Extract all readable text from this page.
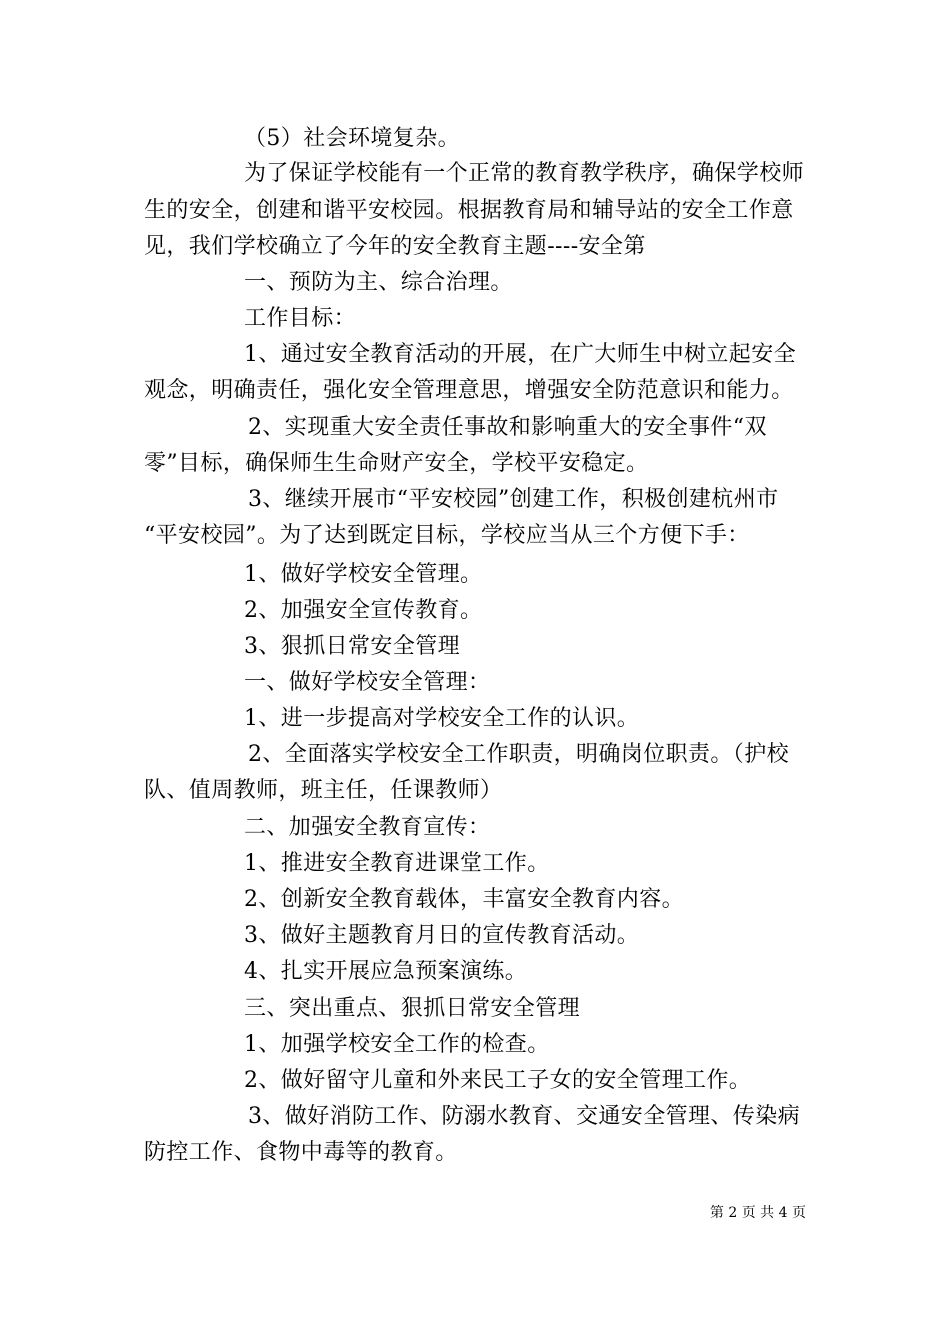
（5）社会环境复杂。
为了保证学校能有一个正常的教育教学秩序，确保学校师
生的安全，创建和谐平安校园。根据教育局和辅导站的安全工作意
见，我们学校确立了今年的安全教育主题----安全第
一、预防为主、综合治理。
工作目标：
1、通过安全教育活动的开展，在广大师生中树立起安全
观念，明确责任，强化安全管理意思，增强安全防范意识和能力。
2、实现重大安全责任事故和影响重大的安全事件“双
零”目标，确保师生生命财产安全，学校平安稳定。
3、继续开展市“平安校园”创建工作，积极创建杭州市
“平安校园”。为了达到既定目标，学校应当从三个方便下手：
1、做好学校安全管理。
2、加强安全宣传教育。
3、狠抓日常安全管理
一、做好学校安全管理：
1、进一步提高对学校安全工作的认识。
2、全面落实学校安全工作职责，明确岗位职责。（护校
队、值周教师，班主任，任课教师）
二、加强安全教育宣传：
1、推进安全教育进课堂工作。
2、创新安全教育载体，丰富安全教育内容。
3、做好主题教育月日的宣传教育活动。
4、扎实开展应急预案演练。
三、突出重点、狠抓日常安全管理
1、加强学校安全工作的检查。
2、做好留守儿童和外来民工子女的安全管理工作。
3、做好消防工作、防溺水教育、交通安全管理、传染病
防控工作、食物中毒等的教育。
第 2 页 共 4 页
